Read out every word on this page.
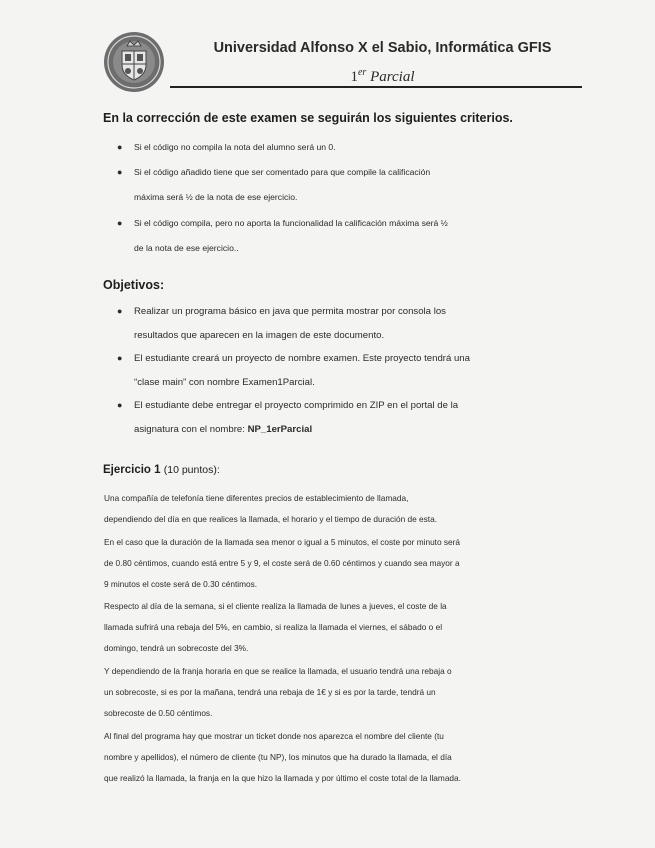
Universidad Alfonso X el Sabio, Informática GFIS
1er Parcial
En la corrección de este examen se seguirán los siguientes criterios.
● Si el código no compila la nota del alumno será un 0.
● Si el código añadido tiene que ser comentado para que compile la calificación
máxima será ½ de la nota de ese ejercicio.
● Si el código compila, pero no aporta la funcionalidad la calificación máxima será ½
de la nota de ese ejercicio..
Objetivos:
● Realizar un programa básico en java que permita mostrar por consola los
resultados que aparecen en la imagen de este documento.
● El estudiante creará un proyecto de nombre examen. Este proyecto tendrá una
“clase main” con nombre Examen1Parcial.
● El estudiante debe entregar el proyecto comprimido en ZIP en el portal de la
asignatura con el nombre: NP_1erParcial
Ejercicio 1 (10 puntos):
Una compañía de telefonía tiene diferentes precios de establecimiento de llamada,
dependiendo del día en que realices la llamada, el horario y el tiempo de duración de esta.
En el caso que la duración de la llamada sea menor o igual a 5 minutos, el coste por minuto será
de 0.80 céntimos, cuando está entre 5 y 9, el coste será de 0.60 céntimos y cuando sea mayor a
9 minutos el coste será de 0.30 céntimos.
Respecto al día de la semana, si el cliente realiza la llamada de lunes a jueves, el coste de la
llamada sufrirá una rebaja del 5%, en cambio, si realiza la llamada el viernes, el sábado o el
domingo, tendrá un sobrecoste del 3%.
Y dependiendo de la franja horaria en que se realice la llamada, el usuario tendrá una rebaja o
un sobrecoste, si es por la mañana, tendrá una rebaja de 1€ y si es por la tarde, tendrá un
sobrecoste de 0.50 céntimos.
Al final del programa hay que mostrar un ticket donde nos aparezca el nombre del cliente (tu
nombre y apellidos), el número de cliente (tu NP), los minutos que ha durado la llamada, el día
que realizó la llamada, la franja en la que hizo la llamada y por último el coste total de la llamada.
